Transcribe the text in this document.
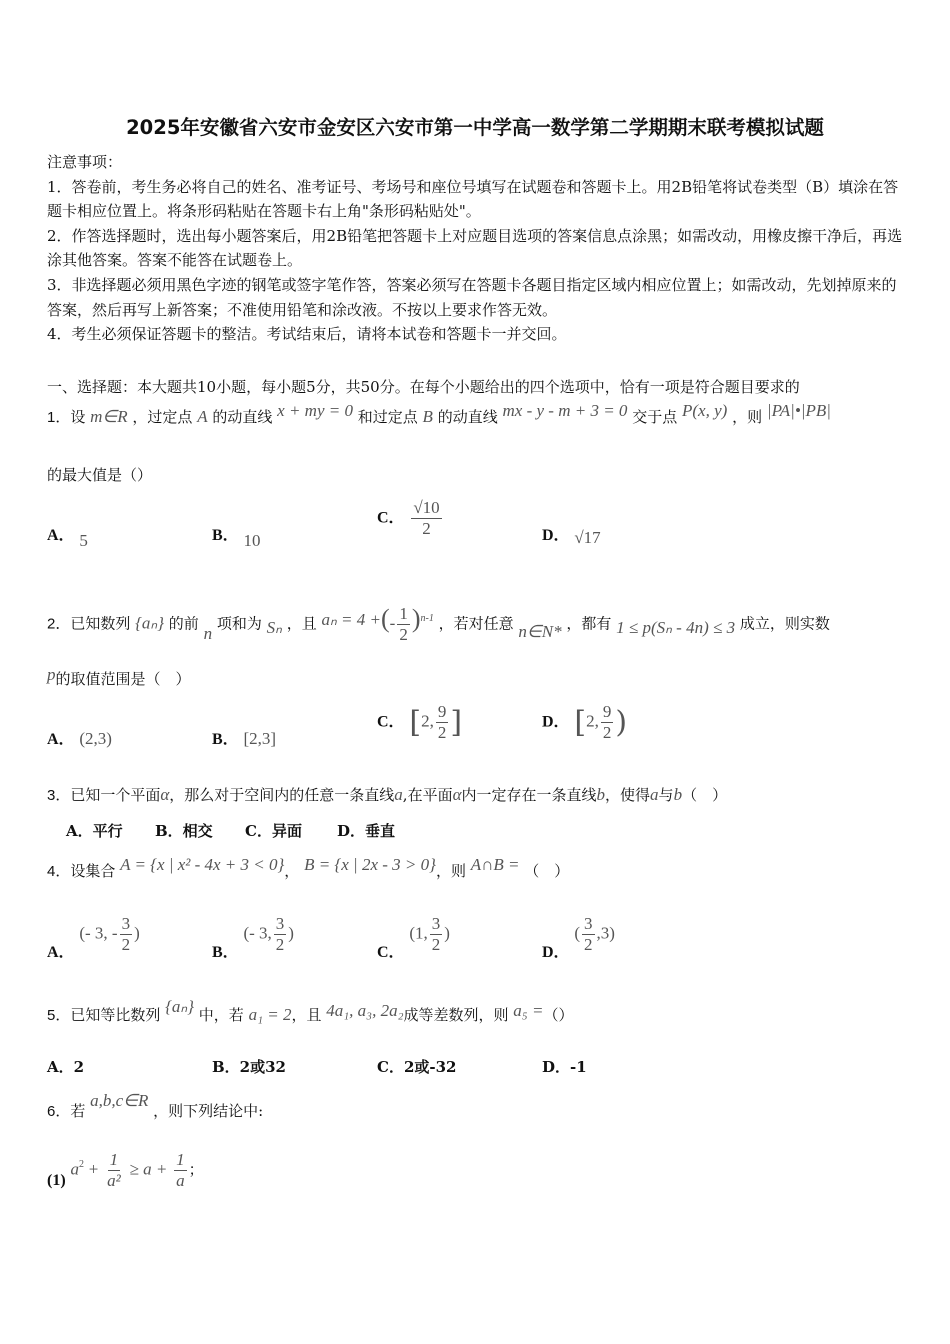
2025年安徽省六安市金安区六安市第一中学高一数学第二学期期末联考模拟试题

注意事项：

1．答卷前，考生务必将自己的姓名、准考证号、考场号和座位号填写在试题卷和答题卡上。用2B铅笔将试卷类型（B）填涂在答题卡相应位置上。将条形码粘贴在答题卡右上角"条形码粘贴处"。

2．作答选择题时，选出每小题答案后，用2B铅笔把答题卡上对应题目选项的答案信息点涂黑；如需改动，用橡皮擦干净后，再选涂其他答案。答案不能答在试题卷上。

3．非选择题必须用黑色字迹的钢笔或签字笔作答，答案必须写在答题卡各题目指定区域内相应位置上；如需改动，先划掉原来的答案，然后再写上新答案；不准使用铅笔和涂改液。不按以上要求作答无效。

4．考生必须保证答题卡的整洁。考试结束后，请将本试卷和答题卡一并交回。

一、选择题：本大题共10小题，每小题5分，共50分。在每个小题给出的四个选项中，恰有一项是符合题目要求的
1．设 m∈R ，过定点 A 的动直线 x + my = 0 和过定点 B 的动直线 mx - y - m + 3 = 0 交于点 P(x, y) ，则 |PA|•|PB|
的最大值是（）
A． 5	B． 10
C． $\frac{√10}{2}$	D． √17
2．已知数列 {aₙ} 的前 n 项和为 Sₙ ，且 aₙ = 4 +(- $\frac{1}{2} )^{n-1}$ ，若对任意 n∈N* ，都有 1 ≤ p(Sₙ - 4n) ≤ 3 成立，则实数
p的取值范围是（　）
A． (2,3)	B． [2,3]
C． [2, $\frac{9}{2}$ ]	D． [2, $\frac{9}{2}$ )
3．已知一个平面α，那么对于空间内的任意一条直线a,在平面α内一定存在一条直线b，使得a与b（　）
A．平行 B．相交 C．异面 D．垂直
4．设集合 A = {x | x² - 4x + 3 < 0}， B = {x | 2x - 3 > 0}，则 A∩B = （　）
A． (- 3, - $\frac{3}{2}$ )
B． (- 3, $\frac{3}{2}$ )
C． (1, $\frac{3}{2}$ )
D． ( $\frac{3}{2} ,3$)
5．已知等比数列 {aₙ} 中，若 a₁ = 2，且 4a₁, a₃, 2a₂成等差数列，则 a₅ =（）
A．2	B．2或32	C．2或-32	D．-1
6．若 a,b,c∈R ，则下列结论中:
(1) $a^2 + \frac{1}{\text{a²}} \ge a + \frac{1}{a}$ ；
